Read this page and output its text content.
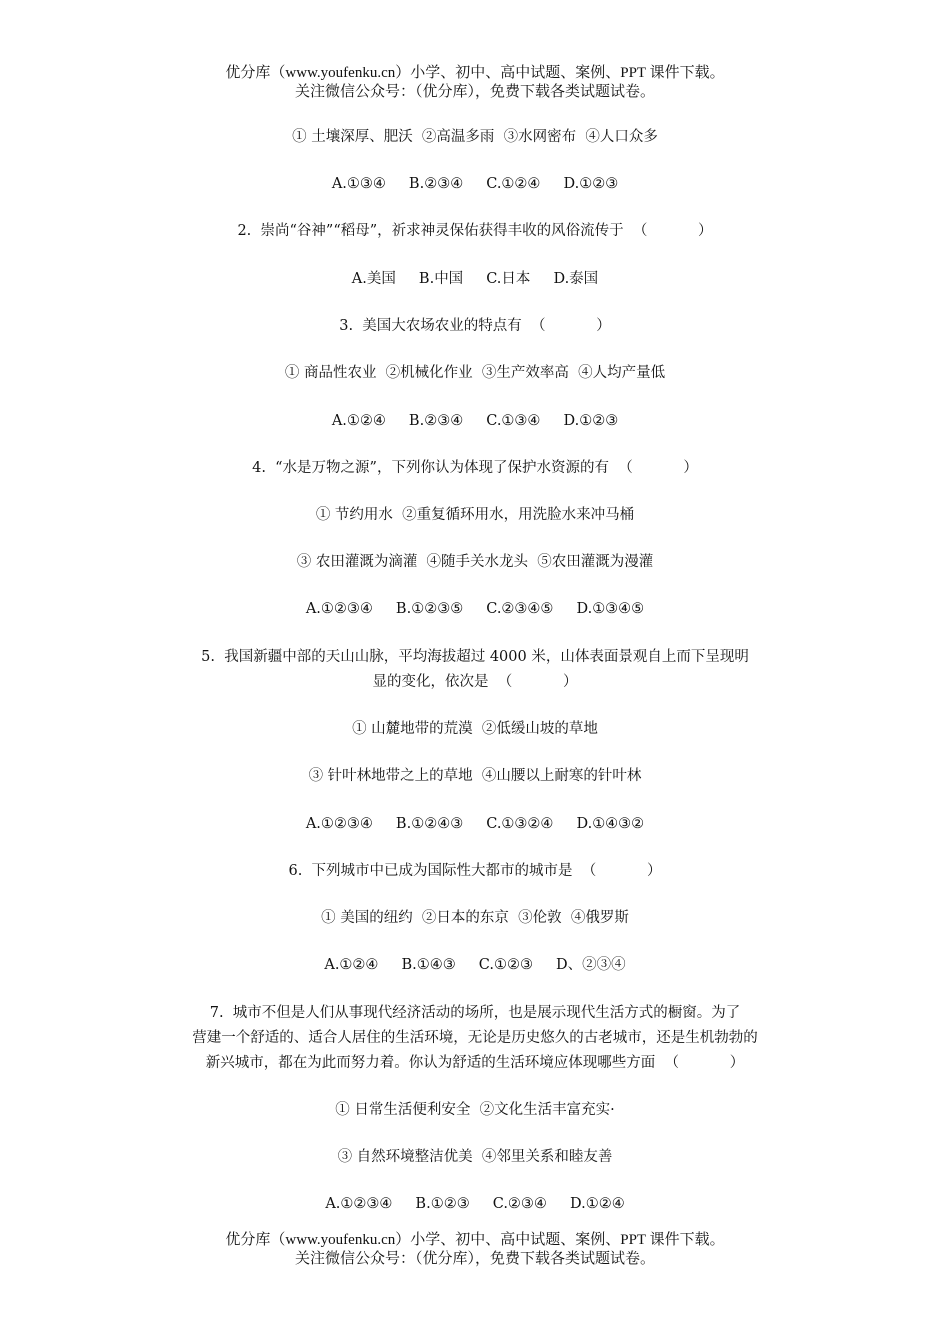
优分库（www.youfenku.cn）小学、初中、高中试题、案例、PPT 课件下载。
关注微信公众号：（优分库），免费下载各类试题试卷。
① 土壤深厚、肥沃  ②高温多雨  ③水网密布  ④人口众多
A.①③④     B.②③④     C.①②④     D.①②③
2.  崇尚“谷神”“稻母”，祈求神灵保佑获得丰收的风俗流传于  （           ）
A.美国     B.中国     C.日本     D.泰国
3.  美国大农场农业的特点有  （           ）
① 商品性农业  ②机械化作业  ③生产效率高  ④人均产量低
A.①②④     B.②③④     C.①③④     D.①②③
4.  “水是万物之源”，下列你认为体现了保护水资源的有  （           ）
① 节约用水  ②重复循环用水，用洗脸水来冲马桶
③ 农田灌溉为滴灌  ④随手关水龙头  ⑤农田灌溉为漫灌
A.①②③④     B.①②③⑤     C.②③④⑤     D.①③④⑤
5.  我国新疆中部的天山山脉，平均海拔超过 4000 米，山体表面景观自上而下呈现明
显的变化，依次是  （           ）
① 山麓地带的荒漠  ②低缓山坡的草地
③ 针叶林地带之上的草地  ④山腰以上耐寒的针叶林
A.①②③④     B.①②④③     C.①③②④     D.①④③②
6.  下列城市中已成为国际性大都市的城市是  （           ）
① 美国的纽约  ②日本的东京  ③伦敦  ④俄罗斯
A.①②④     B.①④③     C.①②③     D、②③④
7.  城市不但是人们从事现代经济活动的场所，也是展示现代生活方式的橱窗。为了
营建一个舒适的、适合人居住的生活环境，无论是历史悠久的古老城市，还是生机勃勃的
新兴城市，都在为此而努力着。你认为舒适的生活环境应体现哪些方面  （           ）
① 日常生活便利安全  ②文化生活丰富充实·
③ 自然环境整洁优美  ④邻里关系和睦友善
A.①②③④     B.①②③     C.②③④     D.①②④
优分库（www.youfenku.cn）小学、初中、高中试题、案例、PPT 课件下载。
关注微信公众号：（优分库），免费下载各类试题试卷。
